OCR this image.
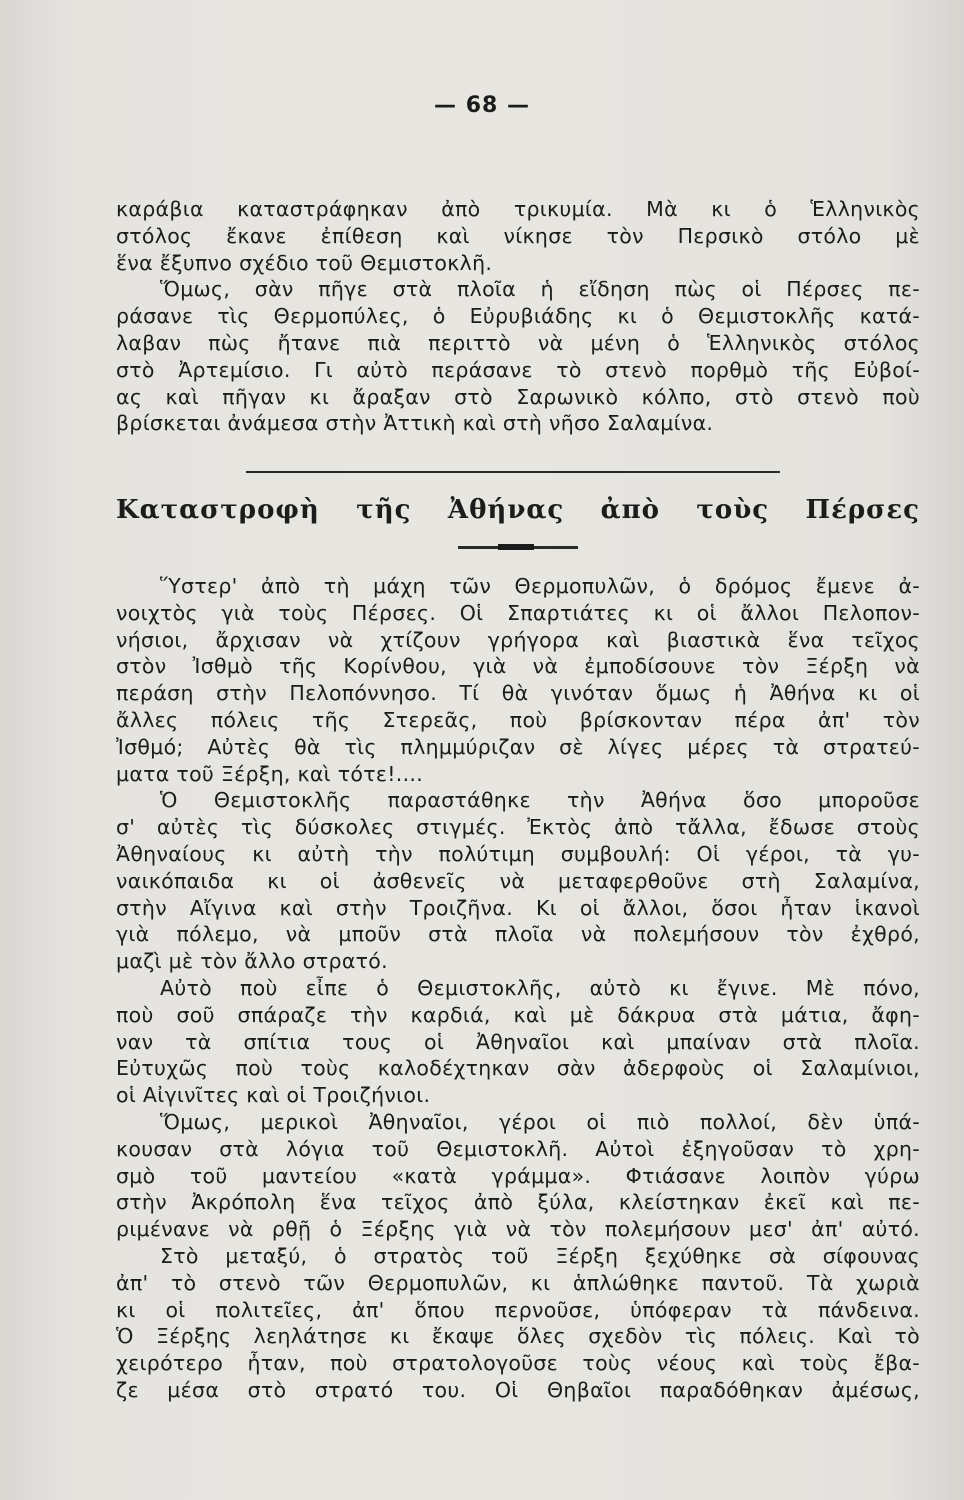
— 68 —
καράβια καταστράφηκαν ἀπὸ τρικυμία. Μὰ κι ὁ Ἑλληνικὸς
στόλος ἔκανε ἐπίθεση καὶ νίκησε τὸν Περσικὸ στόλο μὲ
ἕνα ἔξυπνο σχέδιο τοῦ Θεμιστοκλῆ.
Ὅμως, σὰν πῆγε στὰ πλοῖα ἡ εἴδηση πὼς οἱ Πέρσες πε-
ράσανε τὶς Θερμοπύλες, ὁ Εὐρυβιάδης κι ὁ Θεμιστοκλῆς κατά-
λαβαν πὼς ἤτανε πιὰ περιττὸ νὰ μένη ὁ Ἑλληνικὸς στόλος
στὸ Ἀρτεμίσιο. Γι αὐτὸ περάσανε τὸ στενὸ πορθμὸ τῆς Εὐβοί-
ας καὶ πῆγαν κι ἄραξαν στὸ Σαρωνικὸ κόλπο, στὸ στενὸ ποὺ
βρίσκεται ἀνάμεσα στὴν Ἀττικὴ καὶ στὴ νῆσο Σαλαμίνα.
Καταστροφὴ τῆς Ἀθήνας ἀπὸ τοὺς Πέρσες
Ὕστερ' ἀπὸ τὴ μάχη τῶν Θερμοπυλῶν, ὁ δρόμος ἔμενε ἀ-
νοιχτὸς γιὰ τοὺς Πέρσες. Οἱ Σπαρτιάτες κι οἱ ἄλλοι Πελοπον-
νήσιοι, ἄρχισαν νὰ χτίζουν γρήγορα καὶ βιαστικὰ ἕνα τεῖχος
στὸν Ἰσθμὸ τῆς Κορίνθου, γιὰ νὰ ἐμποδίσουνε τὸν Ξέρξη νὰ
περάση στὴν Πελοπόννησο. Τί θὰ γινόταν ὅμως ἡ Ἀθήνα κι οἱ
ἄλλες πόλεις τῆς Στερεᾶς, ποὺ βρίσκονταν πέρα ἀπ' τὸν
Ἰσθμό; Αὐτὲς θὰ τὶς πλημμύριζαν σὲ λίγες μέρες τὰ στρατεύ-
ματα τοῦ Ξέρξη, καὶ τότε!....
Ὁ Θεμιστοκλῆς παραστάθηκε τὴν Ἀθήνα ὅσο μποροῦσε
σ' αὐτὲς τὶς δύσκολες στιγμές. Ἐκτὸς ἀπὸ τἄλλα, ἔδωσε στοὺς
Ἀθηναίους κι αὐτὴ τὴν πολύτιμη συμβουλή: Οἱ γέροι, τὰ γυ-
ναικόπαιδα κι οἱ ἀσθενεῖς νὰ μεταφερθοῦνε στὴ Σαλαμίνα,
στὴν Αἴγινα καὶ στὴν Τροιζῆνα. Κι οἱ ἄλλοι, ὅσοι ἦταν ἱκανοὶ
γιὰ πόλεμο, νὰ μποῦν στὰ πλοῖα νὰ πολεμήσουν τὸν ἐχθρό,
μαζὶ μὲ τὸν ἄλλο στρατό.
Αὐτὸ ποὺ εἶπε ὁ Θεμιστοκλῆς, αὐτὸ κι ἔγινε. Μὲ πόνο,
ποὺ σοῦ σπάραζε τὴν καρδιά, καὶ μὲ δάκρυα στὰ μάτια, ἄφη-
ναν τὰ σπίτια τους οἱ Ἀθηναῖοι καὶ μπαίναν στὰ πλοῖα.
Εὐτυχῶς ποὺ τοὺς καλοδέχτηκαν σὰν ἀδερφοὺς οἱ Σαλαμίνιοι,
οἱ Αἰγινῖτες καὶ οἱ Τροιζήνιοι.
Ὅμως, μερικοὶ Ἀθηναῖοι, γέροι οἱ πιὸ πολλοί, δὲν ὑπά-
κουσαν στὰ λόγια τοῦ Θεμιστοκλῆ. Αὐτοὶ ἐξηγοῦσαν τὸ χρη-
σμὸ τοῦ μαντείου «κατὰ γράμμα». Φτιάσανε λοιπὸν γύρω
στὴν Ἀκρόπολη ἕνα τεῖχος ἀπὸ ξύλα, κλείστηκαν ἐκεῖ καὶ πε-
ριμένανε νὰ ρθῇ ὁ Ξέρξης γιὰ νὰ τὸν πολεμήσουν μεσ' ἀπ' αὐτό.
Στὸ μεταξύ, ὁ στρατὸς τοῦ Ξέρξη ξεχύθηκε σὰ σίφουνας
ἀπ' τὸ στενὸ τῶν Θερμοπυλῶν, κι ἁπλώθηκε παντοῦ. Τὰ χωριὰ
κι οἱ πολιτεῖες, ἀπ' ὅπου περνοῦσε, ὑπόφεραν τὰ πάνδεινα.
Ὁ Ξέρξης λεηλάτησε κι ἔκαψε ὅλες σχεδὸν τὶς πόλεις. Καὶ τὸ
χειρότερο ἦταν, ποὺ στρατολογοῦσε τοὺς νέους καὶ τοὺς ἔβα-
ζε μέσα στὸ στρατό του. Οἱ Θηβαῖοι παραδόθηκαν ἀμέσως,
